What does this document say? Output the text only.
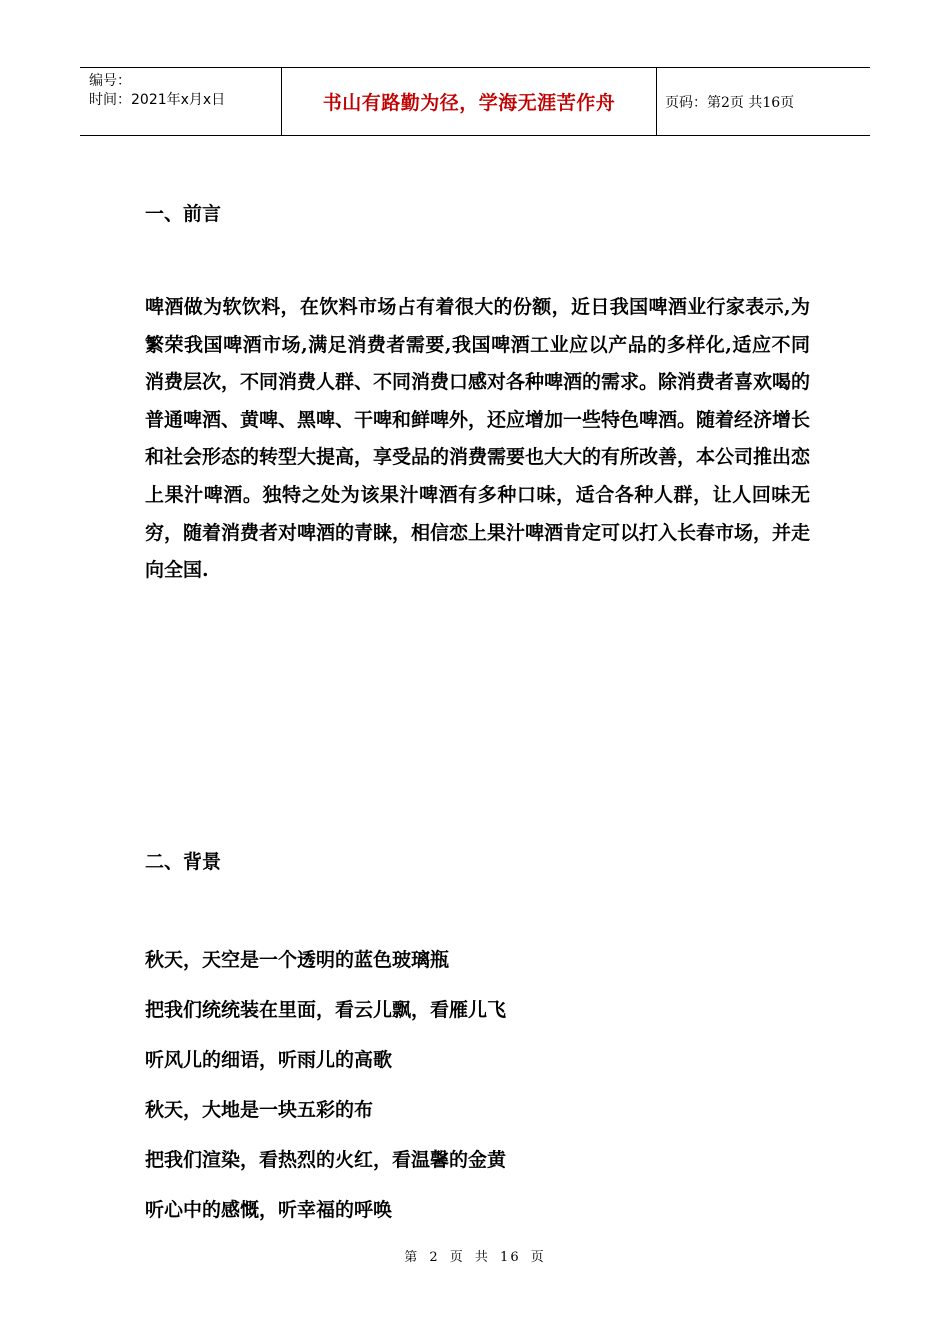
编号：
时间：2021年x月x日	书山有路勤为径，学海无涯苦作舟	页码：第2页 共16页
一、前言
啤酒做为软饮料，在饮料市场占有着很大的份额，近日我国啤酒业行家表示,为繁荣我国啤酒市场,满足消费者需要,我国啤酒工业应以产品的多样化,适应不同消费层次，不同消费人群、不同消费口感对各种啤酒的需求。除消费者喜欢喝的普通啤酒、黄啤、黑啤、干啤和鲜啤外，还应增加一些特色啤酒。随着经济增长和社会形态的转型大提高，享受品的消费需要也大大的有所改善，本公司推出恋上果汁啤酒。独特之处为该果汁啤酒有多种口味，适合各种人群，让人回味无穷，随着消费者对啤酒的青睐，相信恋上果汁啤酒肯定可以打入长春市场，并走向全国.
二、背景
秋天，天空是一个透明的蓝色玻璃瓶
把我们统统装在里面，看云儿飘，看雁儿飞
听风儿的细语，听雨儿的高歌
秋天，大地是一块五彩的布
把我们渲染，看热烈的火红，看温馨的金黄
听心中的感慨，听幸福的呼唤
第 2 页 共 16 页
